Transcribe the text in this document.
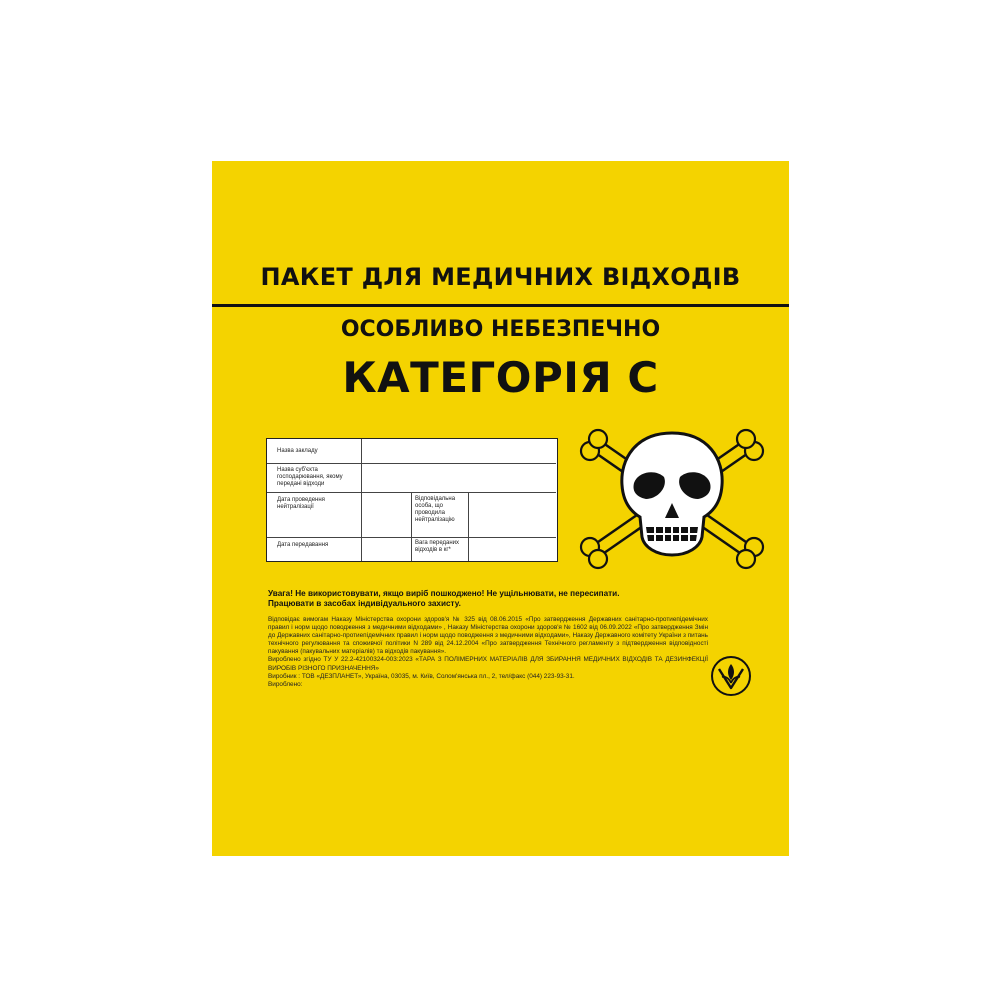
ПАКЕТ ДЛЯ МЕДИЧНИХ ВІДХОДІВ
ОСОБЛИВО НЕБЕЗПЕЧНО
КАТЕГОРІЯ С
Назва закладу
Назва суб'єкта господарювання, якому передані відходи
Дата проведення нейтралізації
Відповідальна особа, що проводила нейтралізацію
Дата передавання	Вага переданих відходів в кг*
Увага! Не використовувати, якщо виріб пошкоджено! Не ущільнювати, не пересипати.
Працювати в засобах індивідуального захисту.

Відповідає вимогам Наказу Міністерства охорони здоров'я № 325 від 08.06.2015 «Про затвердження Державних санітарно-протиепідемічних правил і норм щодо поводження з медичними відходами» , Наказу Міністерства охорони здоров'я № 1602 від 06.09.2022 «Про затвердження Змін до Державних санітарно-протиепідемічних правил і норм щодо поводження з медичними відходами», Наказу Державного комітету України з питань технічного регулювання та споживчої політики N 289 від 24.12.2004 «Про затвердження Технічного регламенту з підтвердження відповідності пакування (пакувальних матеріалів) та відходів пакування».

Вироблено згідно ТУ У 22.2-42100324-003:2023 «ТАРА З ПОЛІМЕРНИХ МАТЕРІАЛІВ ДЛЯ ЗБИРАННЯ МЕДИЧНИХ ВІДХОДІВ ТА ДЕЗИНФЕКЦІЇ ВИРОБІВ РІЗНОГО ПРИЗНАЧЕННЯ»

Виробник : ТОВ «ДЕЗПЛАНЕТ», Україна, 03035, м. Київ, Солом'янська пл., 2, тел/факс (044) 223-93-31.

Вироблено:
